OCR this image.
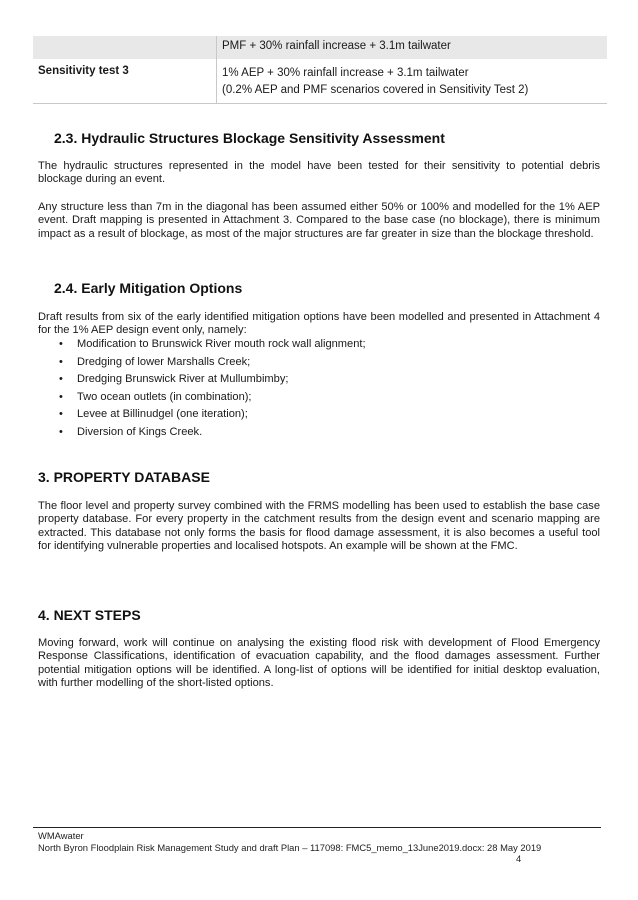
	PMF + 30% rainfall increase + 3.1m tailwater
Sensitivity test 3	1% AEP + 30% rainfall increase + 3.1m tailwater
(0.2% AEP and PMF scenarios covered in Sensitivity Test 2)
2.3. Hydraulic Structures Blockage Sensitivity Assessment

The hydraulic structures represented in the model have been tested for their sensitivity to potential debris blockage during an event.

Any structure less than 7m in the diagonal has been assumed either 50% or 100% and modelled for the 1% AEP event. Draft mapping is presented in Attachment 3. Compared to the base case (no blockage), there is minimum impact as a result of blockage, as most of the major structures are far greater in size than the blockage threshold.

2.4. Early Mitigation Options

Draft results from six of the early identified mitigation options have been modelled and presented in Attachment 4 for the 1% AEP design event only, namely:

• Modification to Brunswick River mouth rock wall alignment;
• Dredging of lower Marshalls Creek;
• Dredging Brunswick River at Mullumbimby;
• Two ocean outlets (in combination);
• Levee at Billinudgel (one iteration);
• Diversion of Kings Creek.
3. PROPERTY DATABASE

The floor level and property survey combined with the FRMS modelling has been used to establish the base case property database. For every property in the catchment results from the design event and scenario mapping are extracted. This database not only forms the basis for flood damage assessment, it is also becomes a useful tool for identifying vulnerable properties and localised hotspots. An example will be shown at the FMC.

4. NEXT STEPS

Moving forward, work will continue on analysing the existing flood risk with development of Flood Emergency Response Classifications, identification of evacuation capability, and the flood damages assessment. Further potential mitigation options will be identified. A long-list of options will be identified for initial desktop evaluation, with further modelling of the short-listed options.

WMAwater
North Byron Floodplain Risk Management Study and draft Plan – 117098: FMC5_memo_13June2019.docx: 28 May 2019
4
